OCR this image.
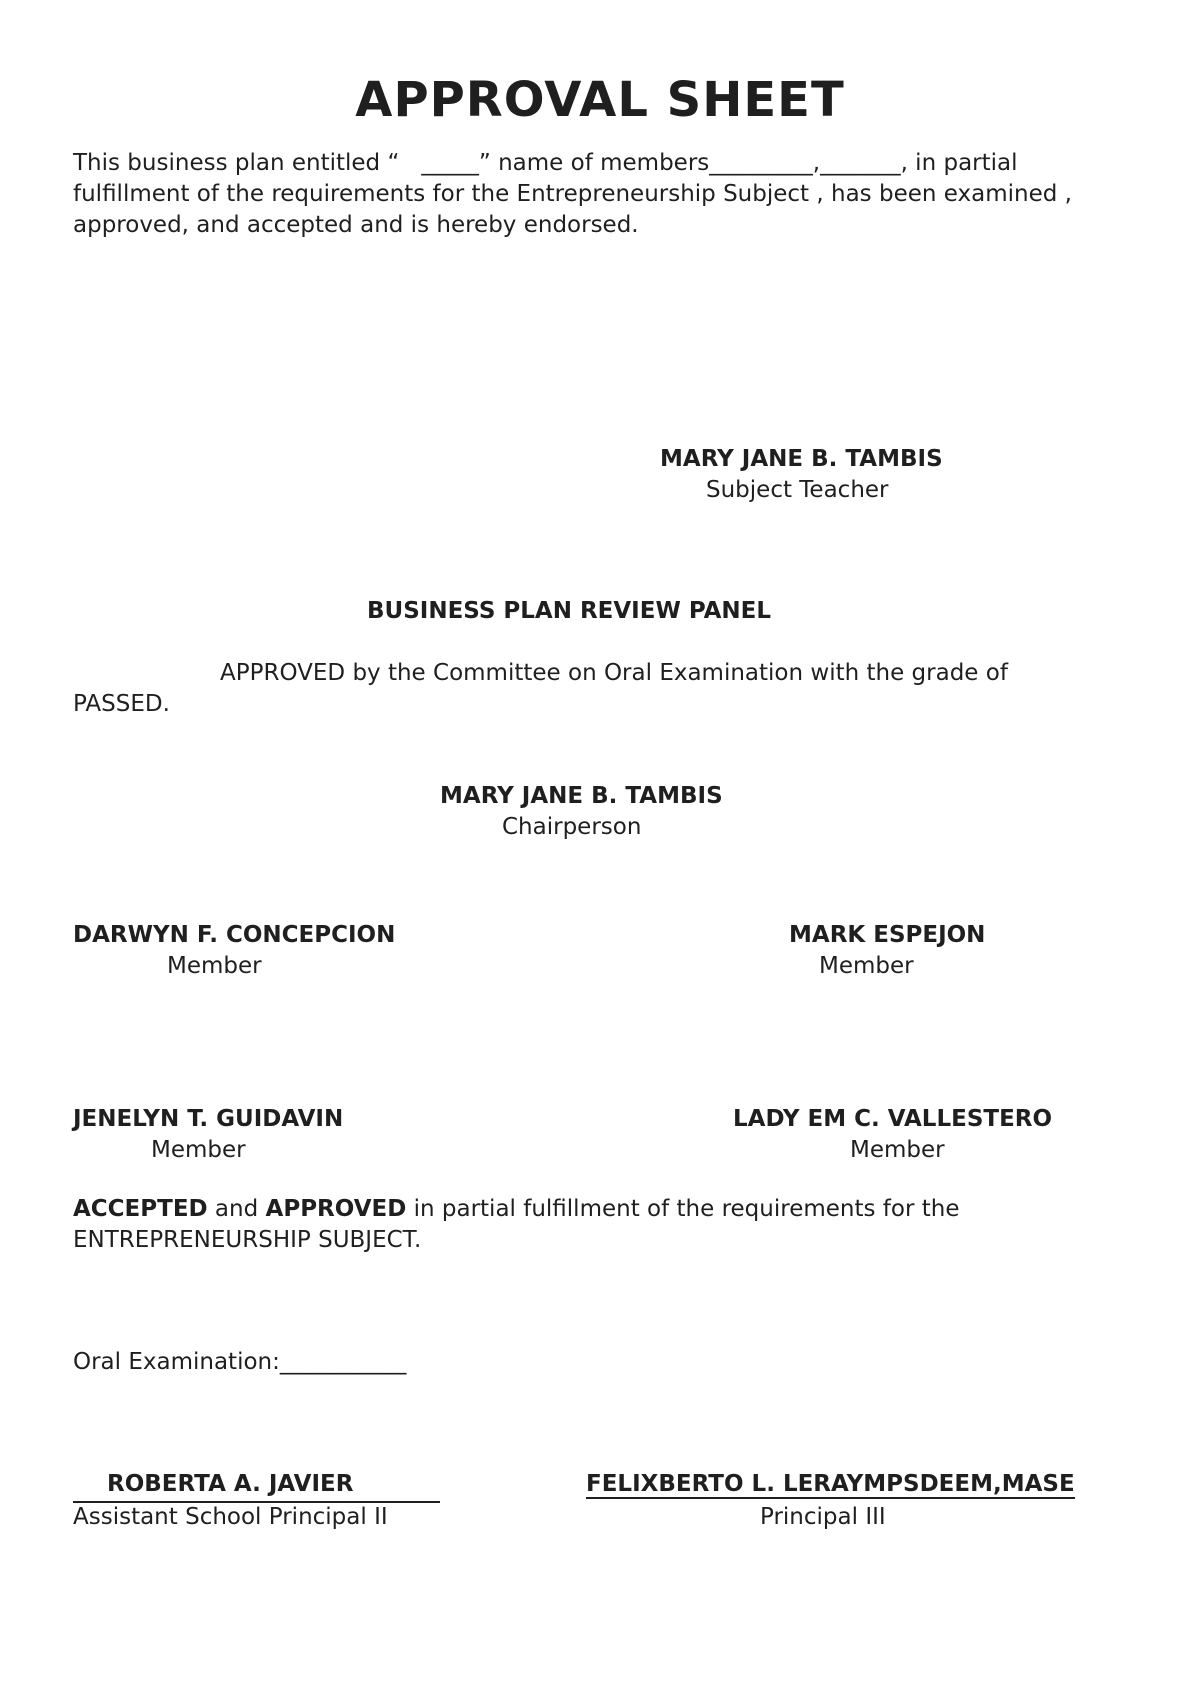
APPROVAL SHEET
This business plan entitled “ _____” name of members_________,_______, in partial
fulfillment of the requirements for the Entrepreneurship Subject , has been examined ,
approved, and accepted and is hereby endorsed.
MARY JANE B. TAMBIS
Subject Teacher
BUSINESS PLAN REVIEW PANEL
APPROVED by the Committee on Oral Examination with the grade of
PASSED.
MARY JANE B. TAMBIS
Chairperson
DARWYN F. CONCEPCION
Member
MARK ESPEJON
Member
JENELYN T. GUIDAVIN
Member
LADY EM C. VALLESTERO
Member
ACCEPTED and APPROVED in partial fulfillment of the requirements for the
ENTREPRENEURSHIP SUBJECT.
Oral Examination:___________
ROBERTA A. JAVIER
Assistant School Principal II
FELIXBERTO L. LERAYMPSDEEM,MASE
Principal III
